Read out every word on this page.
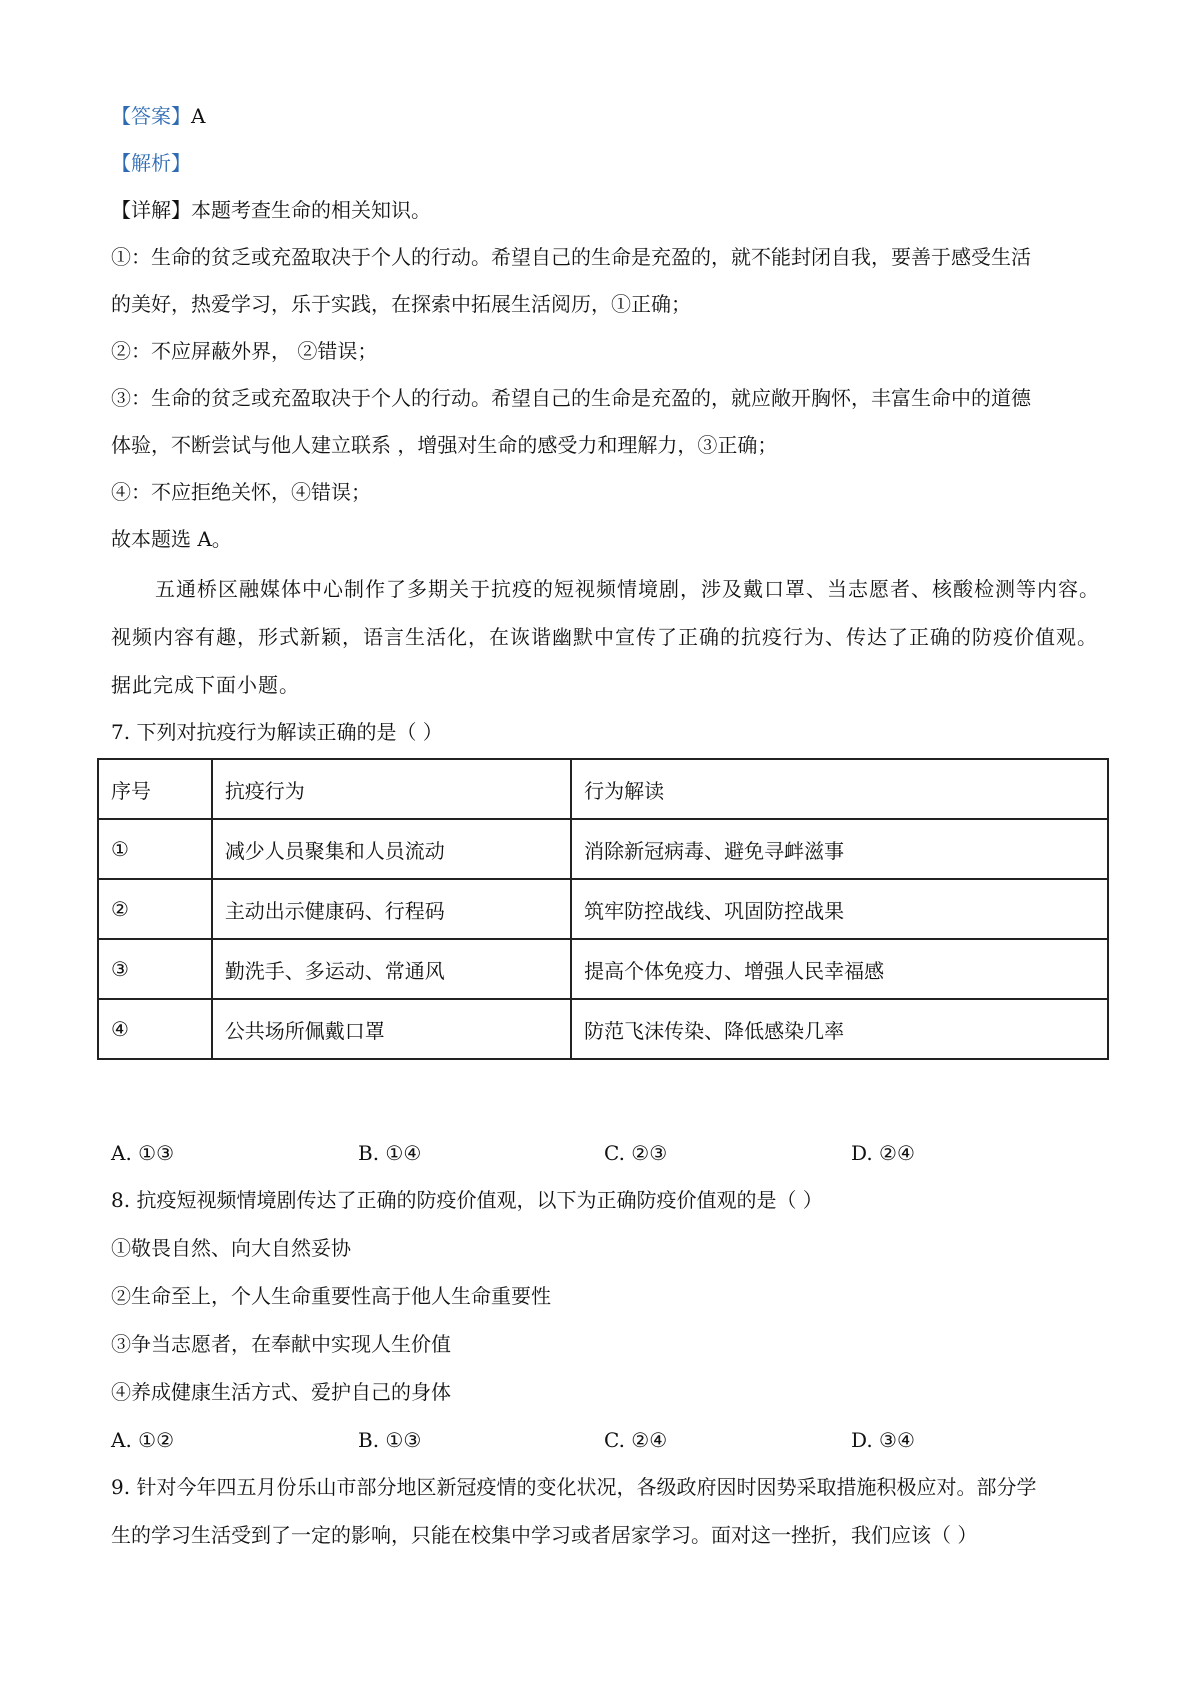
【答案】A
【解析】
【详解】本题考查生命的相关知识。
①：生命的贫乏或充盈取决于个人的行动。希望自己的生命是充盈的，就不能封闭自我，要善于感受生活
的美好，热爱学习，乐于实践，在探索中拓展生活阅历，①正确；
②：不应屏蔽外界， ②错误；
③：生命的贫乏或充盈取决于个人的行动。希望自己的生命是充盈的，就应敞开胸怀，丰富生命中的道德
体验，不断尝试与他人建立联系 ，增强对生命的感受力和理解力，③正确；
④：不应拒绝关怀，④错误；
故本题选 A。
五通桥区融媒体中心制作了多期关于抗疫的短视频情境剧，涉及戴口罩、当志愿者、核酸检测等内容。
视频内容有趣，形式新颖，语言生活化，在诙谐幽默中宣传了正确的抗疫行为、传达了正确的防疫价值观。
据此完成下面小题。
7. 下列对抗疫行为解读正确的是（ ）
序号	抗疫行为	行为解读
①	减少人员聚集和人员流动	消除新冠病毒、避免寻衅滋事
②	主动出示健康码、行程码	筑牢防控战线、巩固防控战果
③	勤洗手、多运动、常通风	提高个体免疫力、增强人民幸福感
④	公共场所佩戴口罩	防范飞沫传染、降低感染几率
A. ①③	B. ①④	C. ②③	D. ②④
8. 抗疫短视频情境剧传达了正确的防疫价值观，以下为正确防疫价值观的是（ ）
①敬畏自然、向大自然妥协
②生命至上，个人生命重要性高于他人生命重要性
③争当志愿者，在奉献中实现人生价值
④养成健康生活方式、爱护自己的身体
A. ①②	B. ①③	C. ②④	D. ③④
9. 针对今年四五月份乐山市部分地区新冠疫情的变化状况，各级政府因时因势采取措施积极应对。部分学
生的学习生活受到了一定的影响，只能在校集中学习或者居家学习。面对这一挫折，我们应该（ ）
